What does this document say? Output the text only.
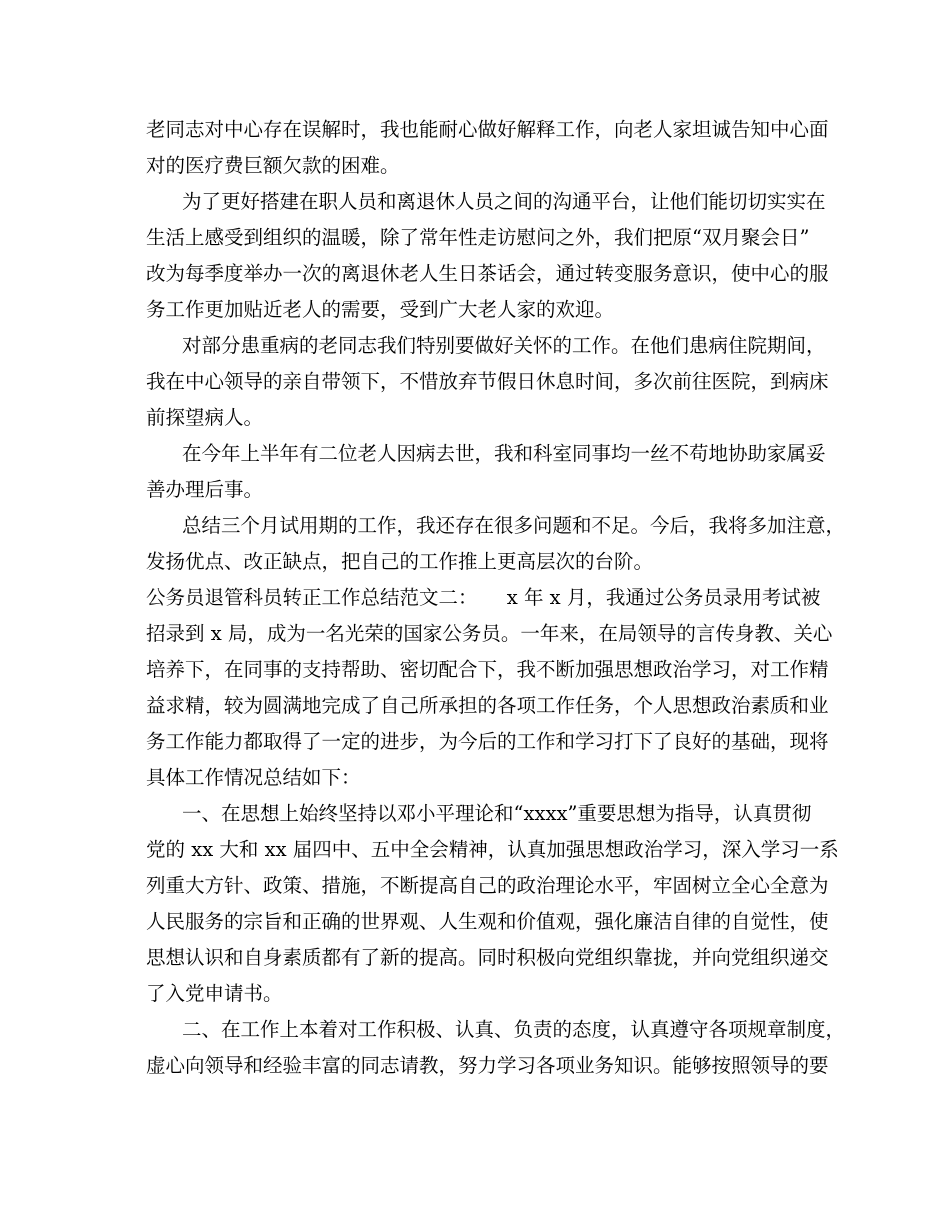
老同志对中心存在误解时，我也能耐心做好解释工作，向老人家坦诚告知中心面
对的医疗费巨额欠款的困难。
为了更好搭建在职人员和离退休人员之间的沟通平台，让他们能切切实实在
生活上感受到组织的温暖，除了常年性走访慰问之外，我们把原“双月聚会日”
改为每季度举办一次的离退休老人生日茶话会，通过转变服务意识，使中心的服
务工作更加贴近老人的需要，受到广大老人家的欢迎。
对部分患重病的老同志我们特别要做好关怀的工作。在他们患病住院期间，
我在中心领导的亲自带领下，不惜放弃节假日休息时间，多次前往医院，到病床
前探望病人。
在今年上半年有二位老人因病去世，我和科室同事均一丝不苟地协助家属妥
善办理后事。
总结三个月试用期的工作，我还存在很多问题和不足。今后，我将多加注意，
发扬优点、改正缺点，把自己的工作推上更高层次的台阶。
公务员退管科员转正工作总结范文二：　　x 年 x 月，我通过公务员录用考试被
招录到 x 局，成为一名光荣的国家公务员。一年来，在局领导的言传身教、关心
培养下，在同事的支持帮助、密切配合下，我不断加强思想政治学习，对工作精
益求精，较为圆满地完成了自己所承担的各项工作任务，个人思想政治素质和业
务工作能力都取得了一定的进步，为今后的工作和学习打下了良好的基础，现将
具体工作情况总结如下：
一、在思想上始终坚持以邓小平理论和“xxxx”重要思想为指导，认真贯彻
党的 xx 大和 xx 届四中、五中全会精神，认真加强思想政治学习，深入学习一系
列重大方针、政策、措施，不断提高自己的政治理论水平，牢固树立全心全意为
人民服务的宗旨和正确的世界观、人生观和价值观，强化廉洁自律的自觉性，使
思想认识和自身素质都有了新的提高。同时积极向党组织靠拢，并向党组织递交
了入党申请书。
二、在工作上本着对工作积极、认真、负责的态度，认真遵守各项规章制度，
虚心向领导和经验丰富的同志请教，努力学习各项业务知识。能够按照领导的要
